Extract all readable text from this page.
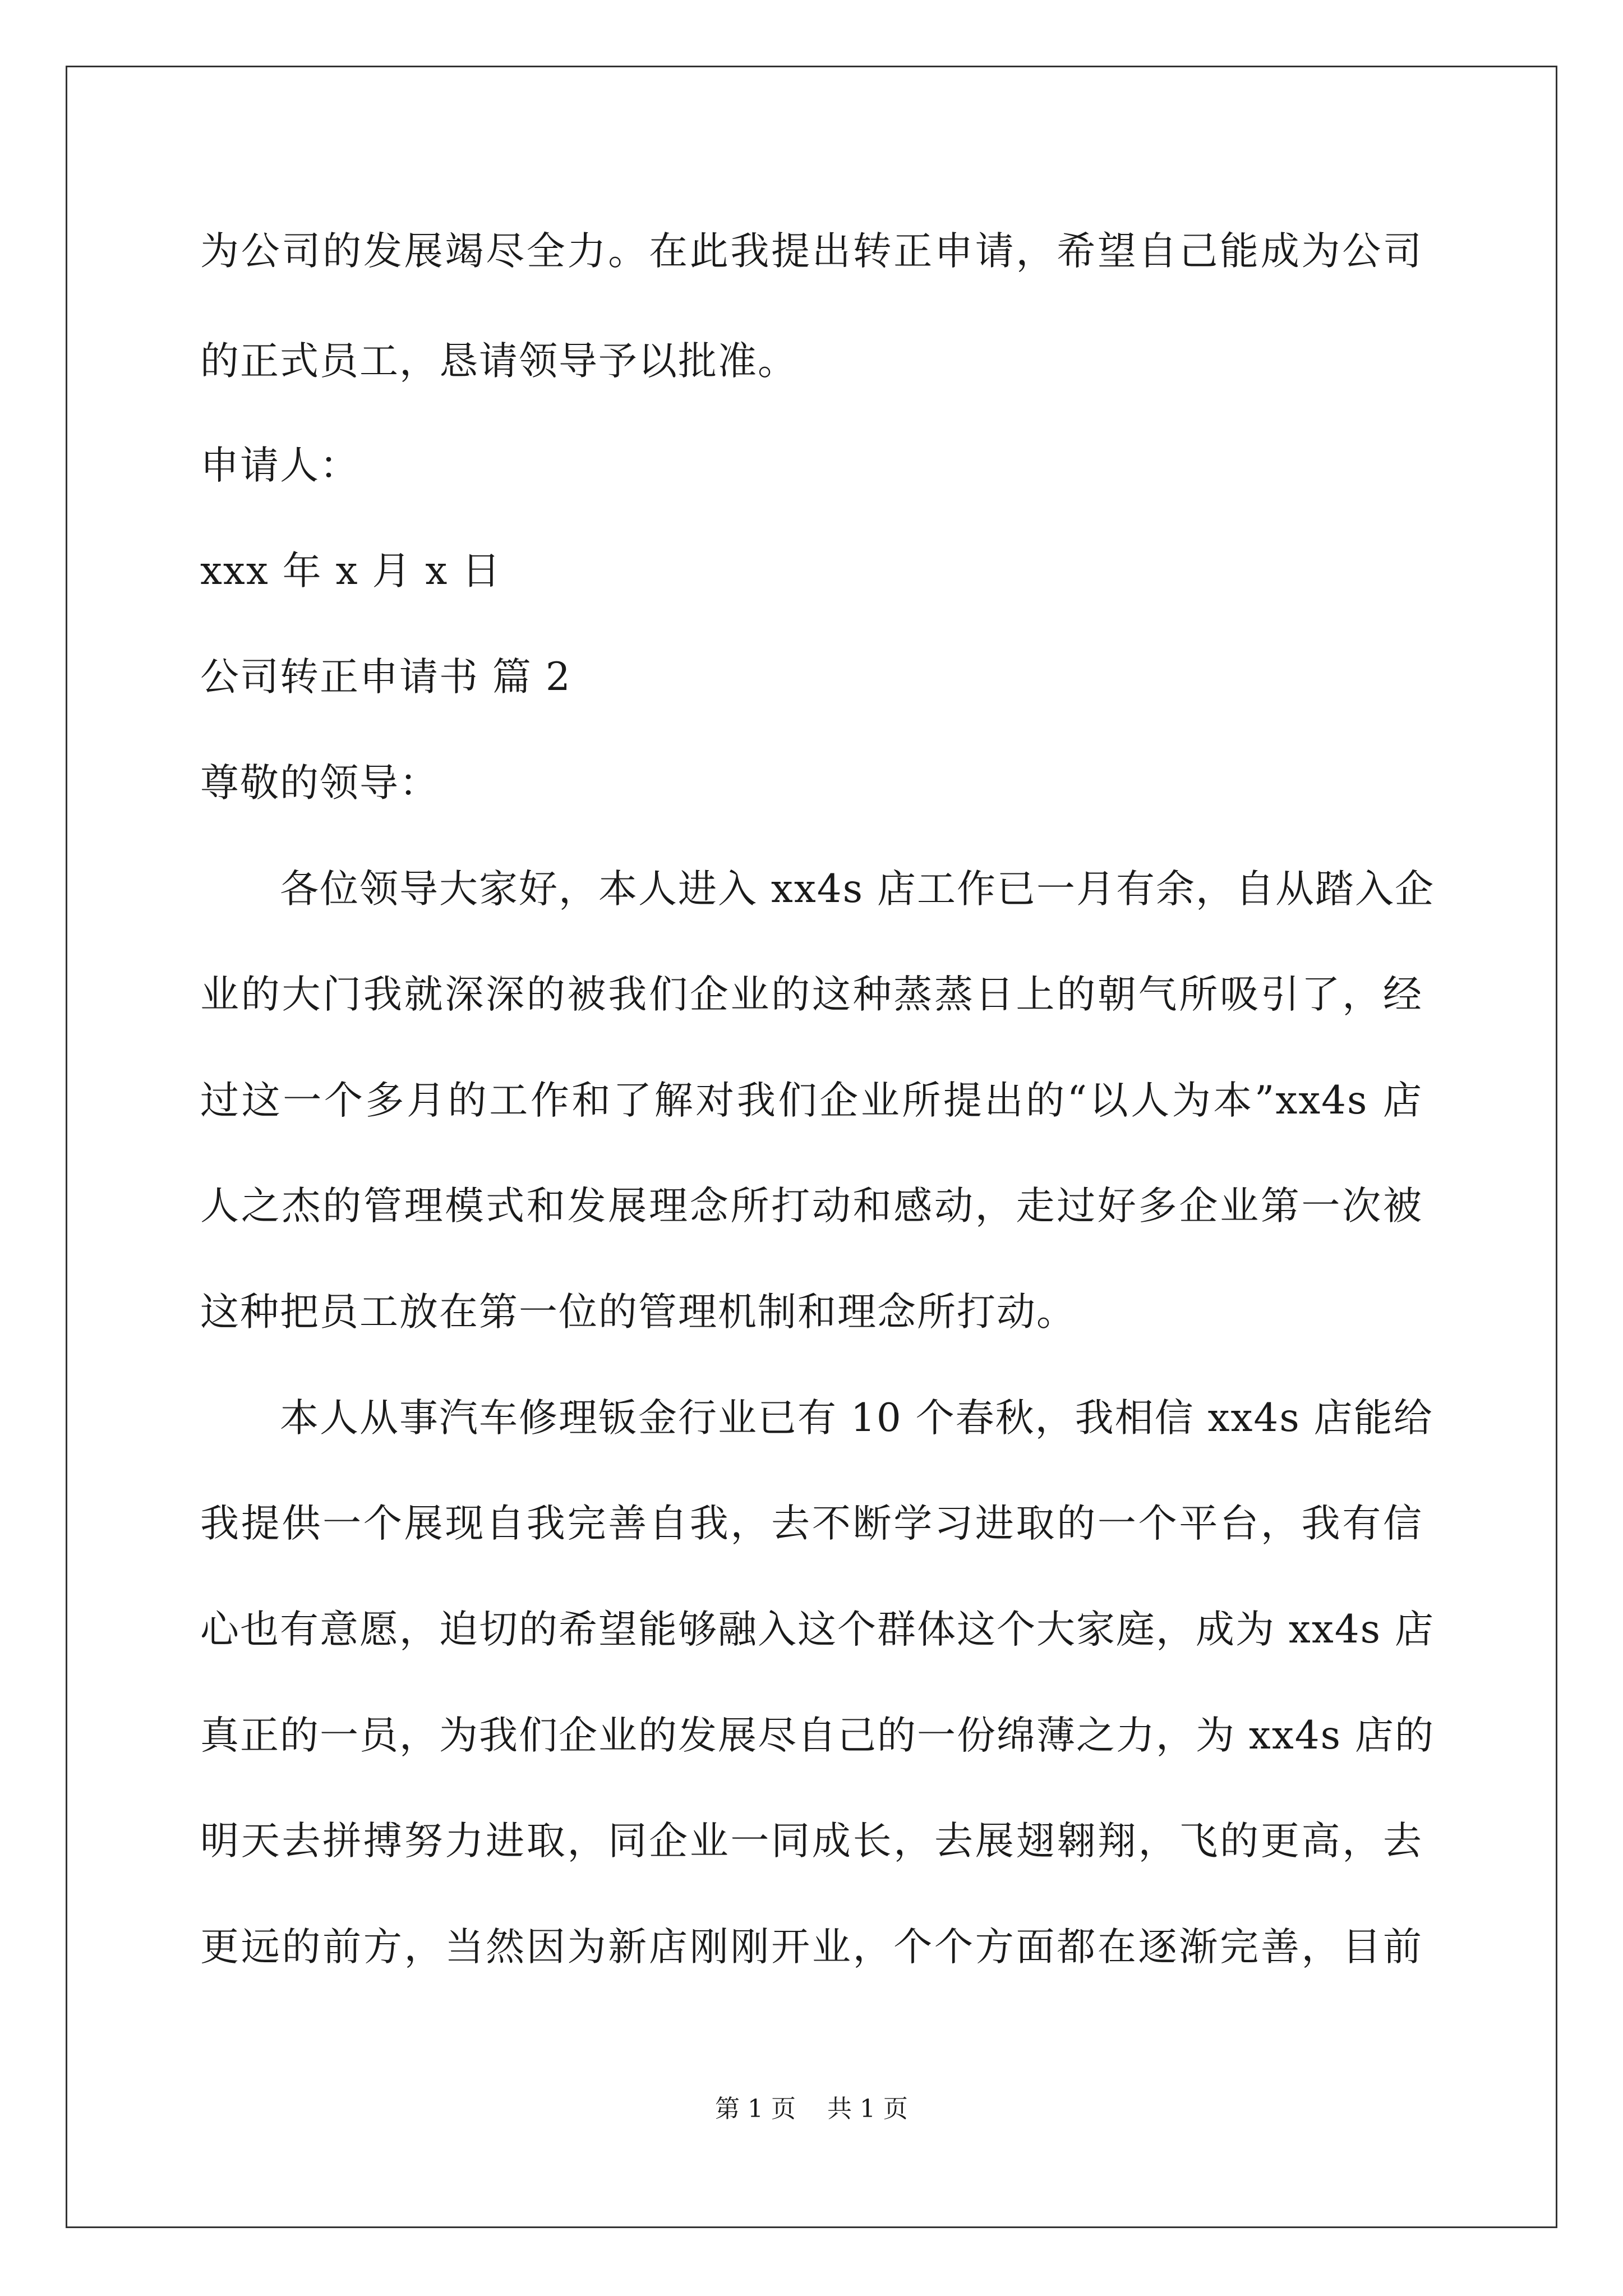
为公司的发展竭尽全力。在此我提出转正申请，希望自己能成为公司
的正式员工，恳请领导予以批准。
申请人：
xxx 年 x 月 x 日
公司转正申请书 篇 2
尊敬的领导：
　　各位领导大家好，本人进入 xx4s 店工作已一月有余，自从踏入企
业的大门我就深深的被我们企业的这种蒸蒸日上的朝气所吸引了，经
过这一个多月的工作和了解对我们企业所提出的“以人为本”xx4s 店
人之杰的管理模式和发展理念所打动和感动，走过好多企业第一次被
这种把员工放在第一位的管理机制和理念所打动。
　　本人从事汽车修理钣金行业已有 10 个春秋，我相信 xx4s 店能给
我提供一个展现自我完善自我，去不断学习进取的一个平台，我有信
心也有意愿，迫切的希望能够融入这个群体这个大家庭，成为 xx4s 店
真正的一员，为我们企业的发展尽自己的一份绵薄之力，为 xx4s 店的
明天去拼搏努力进取，同企业一同成长，去展翅翱翔，飞的更高，去
更远的前方，当然因为新店刚刚开业，个个方面都在逐渐完善，目前
第 1 页    共 1 页
